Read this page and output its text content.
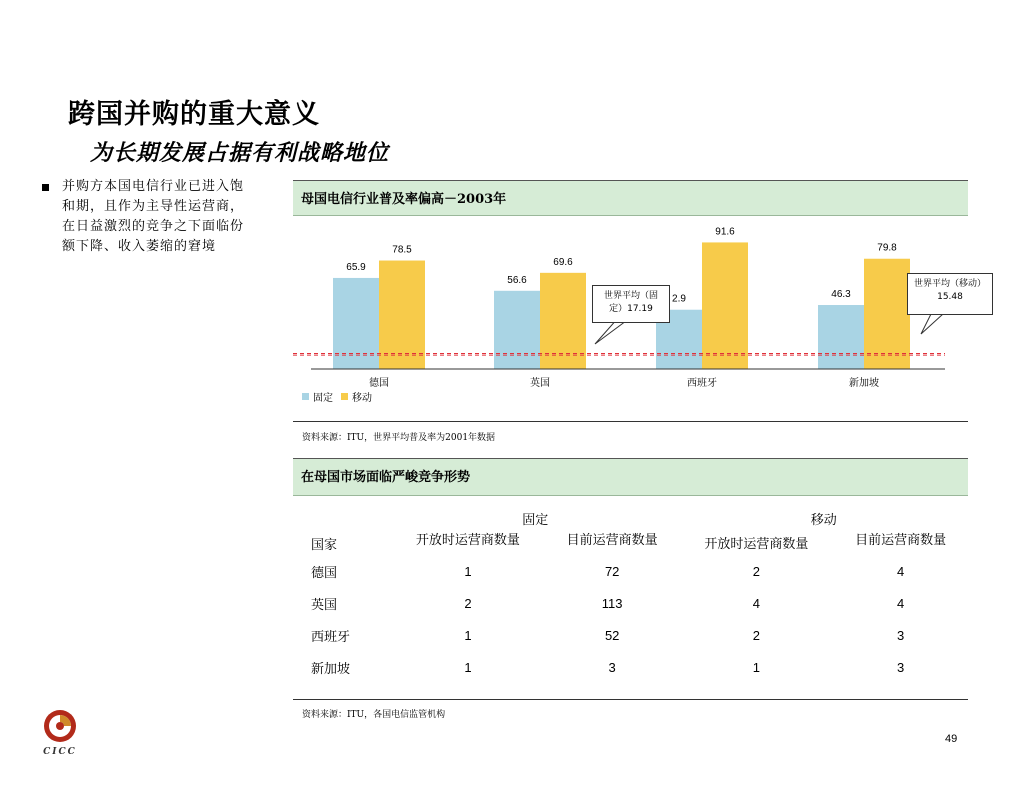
跨国并购的重大意义
为长期发展占据有利战略地位
并购方本国电信行业已进入饱和期，且作为主导性运营商，在日益激烈的竞争之下面临份额下降、收入萎缩的窘境
母国电信行业普及率偏高－2003年
65.9
78.5
56.6
69.6
2.9
91.6
46.3
79.8
德国	英国	西班牙	新加坡
世界平均（固定）17.19
世界平均（移动）15.48
固定 移动
资料来源：ITU，世界平均普及率为2001年数据
在母国市场面临严峻竞争形势
国家	固定		移动	
	开放时运营商数量	目前运营商数量	开放时运营商数量	目前运营商数量
德国	1	72	2	4
英国	2	113	4	4
西班牙	1	52	2	3
新加坡	1	3	1	3
资料来源：ITU，各国电信监管机构
CICC
49
